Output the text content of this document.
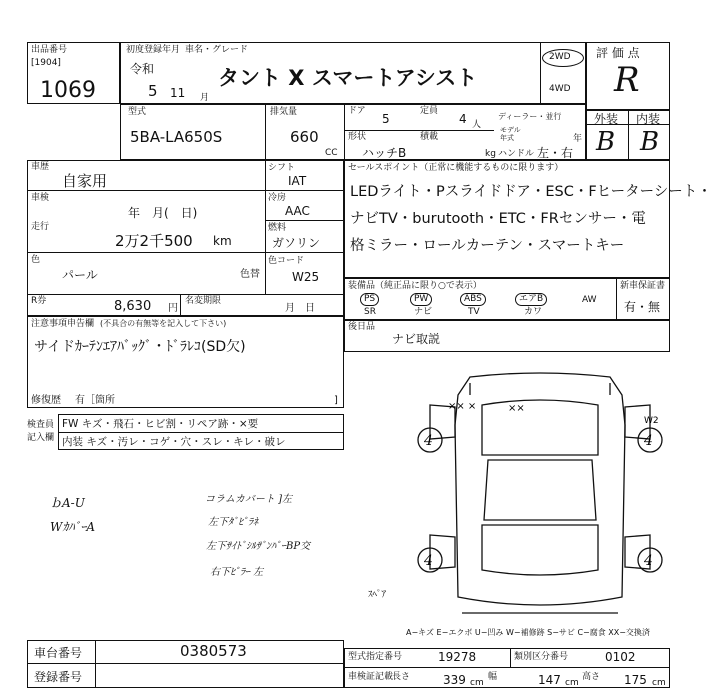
出品番号
[1904]
1069
初度登録年月 車名・グレード
令和
5 11 月
タント X スマートアシスト
2WD
4WD
評 価 点
R
型式
5BA-LA650S
排気量
660
CC
ドア
5
定員
4 人
ディーラー・並行
モデル年式	年
形状
ハッチB
積載
kg ハンドル 左・右
外装 内装
B B
車歴
自家用
車検
年　月(　日)
走行
2万2千500 km
シフト
IAT
冷房
AAC
燃料
ガソリン
色
パール	色替
色コード
W25
R券	8,630 円
名変期限
月　日
セールスポイント（正常に機能するものに限ります）
LEDライト・Pスライドドア・ESC・Fヒーターシート・
ナビTV・burutooth・ETC・FRセンサー・電
格ミラー・ロールカーテン・スマートキー
装備品（純正品に限り○で表示）	新車保証書
PS	PW	ABS	エアB	AW
SR	ナビ	TV	カワ	有・無
後日品
ナビ取説
注意事項申告欄 (不具合の有無等を記入して下さい)
サイドｶｰﾃﾝｴｱﾊﾞｯｸﾞ・ﾄﾞﾗﾚｺ(SD欠)
修復歴 有［箇所	]
検査員
記入欄
FW キズ・飛石・ヒビ割・リペア跡・×要
内装 キズ・汚レ・コゲ・穴・スレ・キレ・破レ
ｂA-U
WｶﾊﾞｰA
コラムカバート ]左
左下ﾀﾞﾋﾟﾗﾈ
左下ｻｲﾄﾞｼﾙｻﾞﾝﾊﾟｰBP交
右下ﾋﾟﾗｰ 左
×× ×	××
W2
4	4
4	4
ｽﾍﾟｱ
A−キズ E−エクボ U−凹み W−補修跡 S−サビ C−腐食 XX−交換済
車台番号	0380573
登録番号
型式指定番号	19278	類別区分番号	0102
車検証記載
長さ	339 cm
幅	147 cm
高さ 175 cm
